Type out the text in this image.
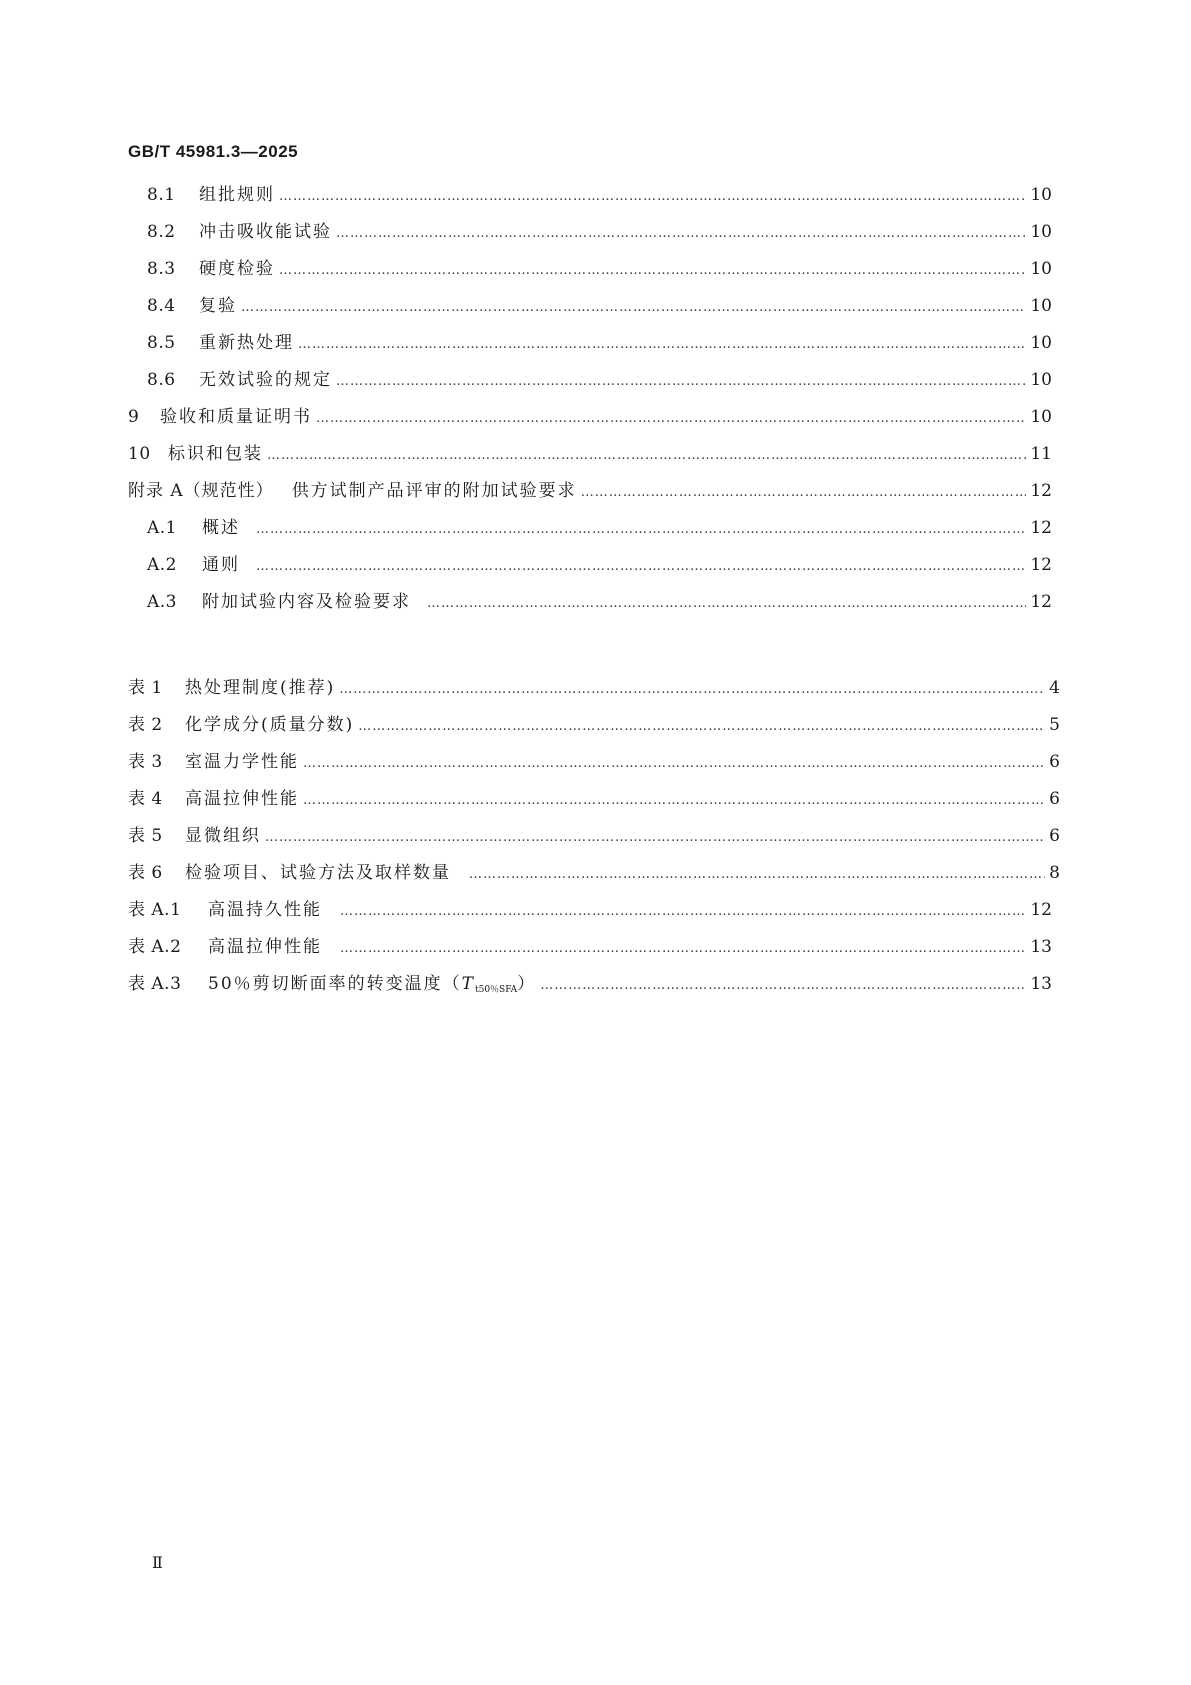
GB/T 45981.3—2025
8.1	组批规则 …………………………………………………………………………………………………………………………………………………………………………………………………………………………………………………	10
8.2	冲击吸收能试验 …………………………………………………………………………………………………………………………………………………………………………………………………………………………………………………	10
8.3	硬度检验 …………………………………………………………………………………………………………………………………………………………………………………………………………………………………………………	10
8.4	复验 …………………………………………………………………………………………………………………………………………………………………………………………………………………………………………………	10
8.5	重新热处理 …………………………………………………………………………………………………………………………………………………………………………………………………………………………………………………	10
8.6	无效试验的规定 …………………………………………………………………………………………………………………………………………………………………………………………………………………………………………………	10
9	验收和质量证明书 …………………………………………………………………………………………………………………………………………………………………………………………………………………………………………………	10
10	标识和包装 …………………………………………………………………………………………………………………………………………………………………………………………………………………………………………………	11
附录 A（规范性）	供方试制产品评审的附加试验要求 …………………………………………………………………………………………………………………………………………………………………………………………………………………………………………………	12
A.1	概述 …………………………………………………………………………………………………………………………………………………………………………………………………………………………………………………	12
A.2	通则 …………………………………………………………………………………………………………………………………………………………………………………………………………………………………………………	12
A.3	附加试验内容及检验要求 …………………………………………………………………………………………………………………………………………………………………………………………………………………………………………………	12
表 1	热处理制度(推荐) …………………………………………………………………………………………………………………………………………………………………………………………………………………………………………………	4
表 2	化学成分(质量分数) …………………………………………………………………………………………………………………………………………………………………………………………………………………………………………………	5
表 3	室温力学性能 …………………………………………………………………………………………………………………………………………………………………………………………………………………………………………………	6
表 4	高温拉伸性能 …………………………………………………………………………………………………………………………………………………………………………………………………………………………………………………	6
表 5	显微组织 …………………………………………………………………………………………………………………………………………………………………………………………………………………………………………………	6
表 6	检验项目、试验方法及取样数量 …………………………………………………………………………………………………………………………………………………………………………………………………………………………………………………	8
表 A.1	高温持久性能 …………………………………………………………………………………………………………………………………………………………………………………………………………………………………………………	12
表 A.2	高温拉伸性能 …………………………………………………………………………………………………………………………………………………………………………………………………………………………………………………	13
表 A.3	50％剪切断面率的转变温度$(T_{t50\%SFA})$ …………………………………………………………………………………………………………………………………………………………………………………………………………………………………………………	13
Ⅱ
